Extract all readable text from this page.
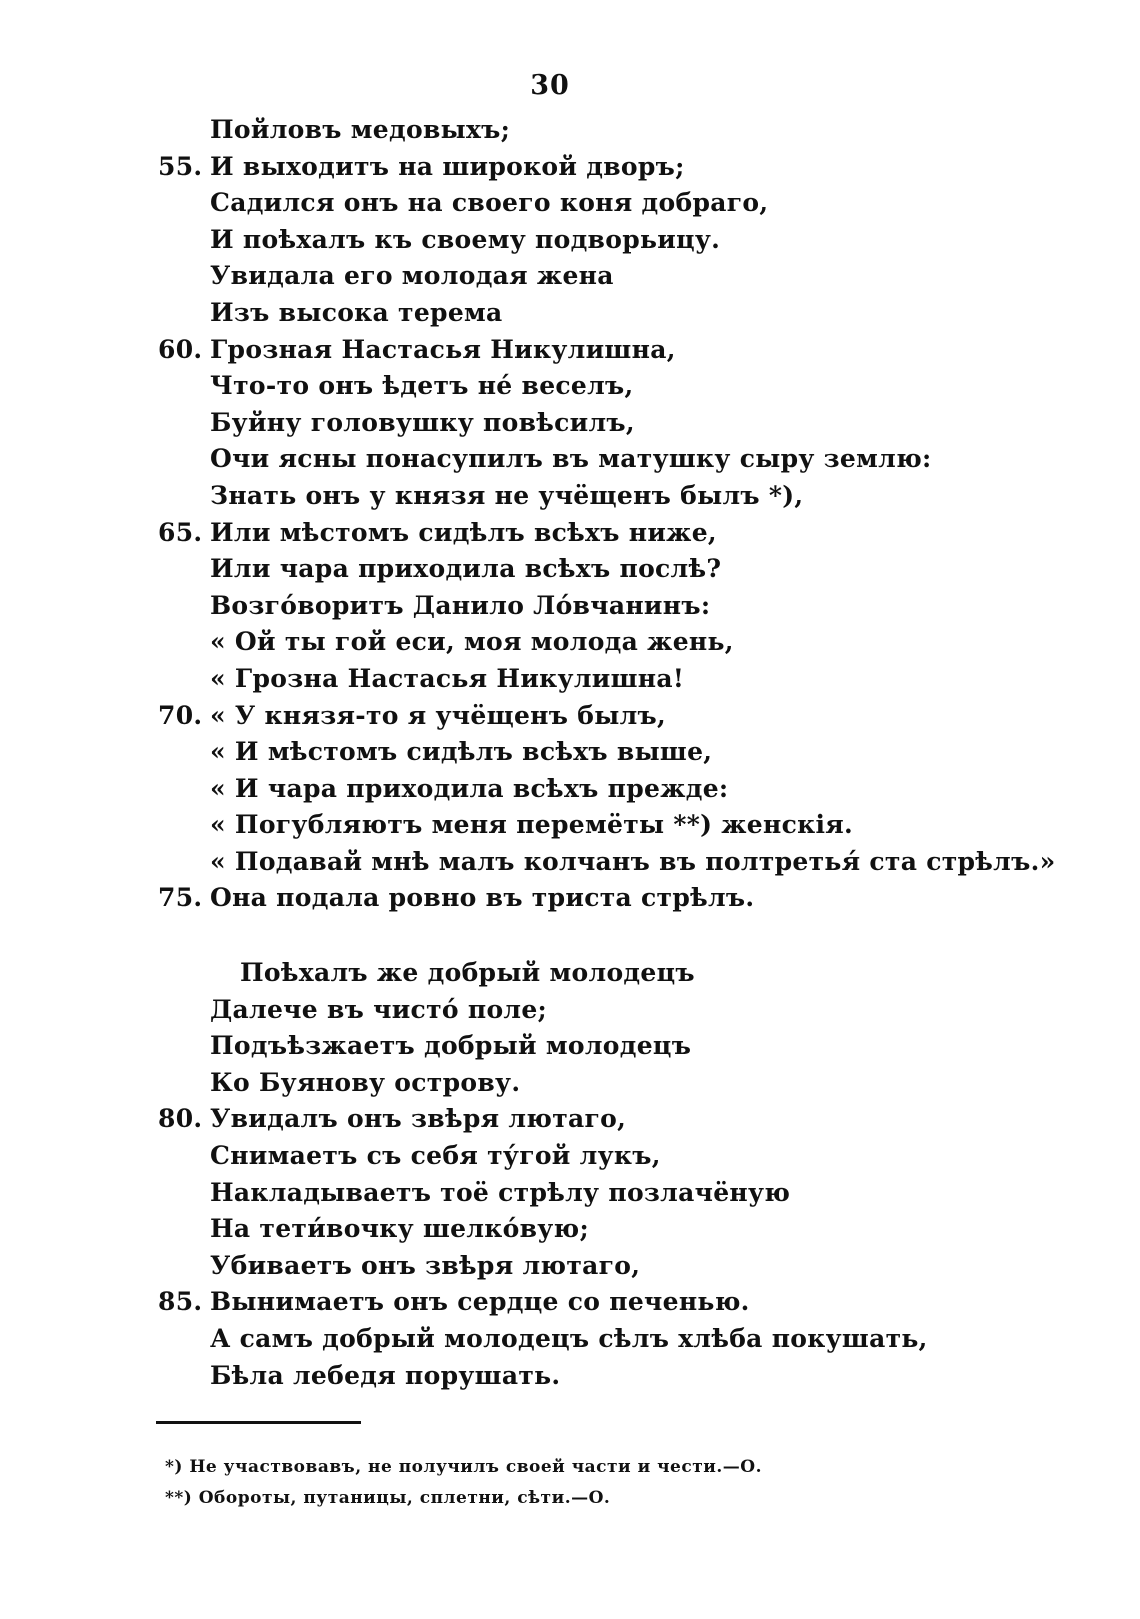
30
Пойловъ медовыхъ;
55. И выходитъ на широкой дворъ;
Садился онъ на своего коня добраго,
И поѣхалъ къ своему подворьицу.
Увидала его молодая жена
Изъ высока терема
60. Грозная Настасья Никулишна,
Что-то онъ ѣдетъ не́ веселъ,
Буйну головушку повѣсилъ,
Очи ясны понасупилъ въ матушку сыру землю:
Знать онъ у князя не учёщенъ былъ *),
65. Или мѣстомъ сидѣлъ всѣхъ ниже,
Или чара приходила всѣхъ послѣ?
Возго́воритъ Данило Ло́вчанинъ:
« Ой ты гой еси, моя молода жень,
« Грозна Настасья Никулишна!
70. « У князя-то я учёщенъ былъ,
« И мѣстомъ сидѣлъ всѣхъ выше,
« И чара приходила всѣхъ прежде:
« Погубляютъ меня перемёты **) женскія.
« Подавай мнѣ малъ колчанъ въ полтретья́ ста стрѣлъ.»
75. Она подала ровно въ триста стрѣлъ.
Поѣхалъ же добрый молодецъ
Далече въ чисто́ поле;
Подъѣзжаетъ добрый молодецъ
Ко Буянову острову.
80. Увидалъ онъ звѣря лютаго,
Снимаетъ съ себя ту́гой лукъ,
Накладываетъ тоё стрѣлу позлачёную
На тети́вочку шелко́вую;
Убиваетъ онъ звѣря лютаго,
85. Вынимаетъ онъ сердце со печенью.
А самъ добрый молодецъ сѣлъ хлѣба покушать,
Бѣла лебедя порушать.
*) Не участвовавъ, не получилъ своей части и чести.—О.
**) Обороты, путаницы, сплетни, сѣти.—О.
